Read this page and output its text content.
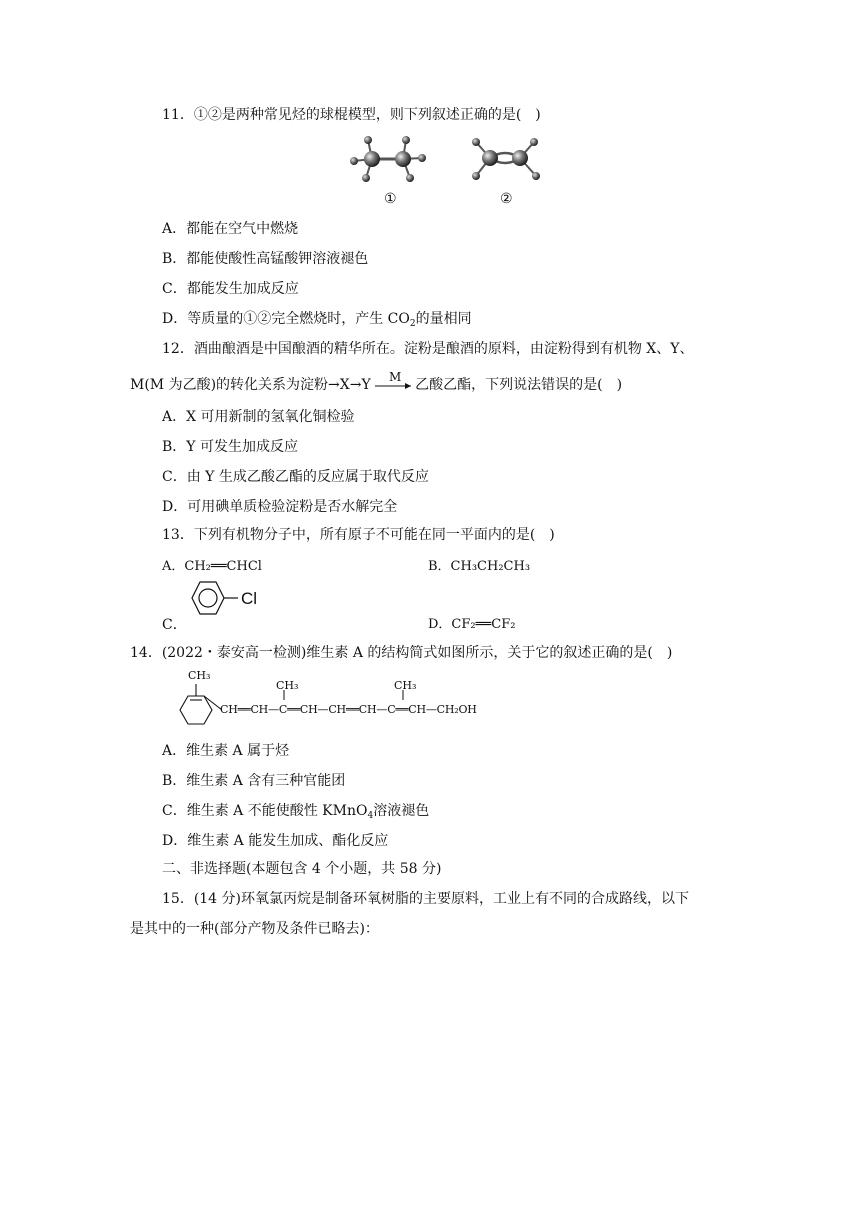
11．①②是两种常见烃的球棍模型，则下列叙述正确的是(　)
①	②
A．都能在空气中燃烧
B．都能使酸性高锰酸钾溶液褪色
C．都能发生加成反应
D．等质量的①②完全燃烧时，产生 $CO_2$的量相同
12．酒曲酿酒是中国酿酒的精华所在。淀粉是酿酒的原料，由淀粉得到有机物 X、Y、
M(M 为乙酸)的转化关系为淀粉→X→Y	M 乙酸乙酯，下列说法错误的是(　)
A．X 可用新制的氢氧化铜检验
B．Y 可发生加成反应
C．由 Y 生成乙酸乙酯的反应属于取代反应
D．可用碘单质检验淀粉是否水解完全
13．下列有机物分子中，所有原子不可能在同一平面内的是(　)
A．CH₂══CHCl	B．CH₃CH₂CH₃
C．
Cl
D．CF₂══CF₂
14．(2022・泰安高一检测)维生素 A 的结构简式如图所示，关于它的叙述正确的是(　)
CH₃
CH₃	CH₃
CH══CH—C══CH—CH══CH—C══CH—CH₂OH
A．维生素 A 属于烃
B．维生素 A 含有三种官能团
C．维生素 A 不能使酸性 KMnO$_4$溶液褪色
D．维生素 A 能发生加成、酯化反应
二、非选择题(本题包含 4 个小题，共 58 分)
15．(14 分)环氧氯丙烷是制备环氧树脂的主要原料，工业上有不同的合成路线，以下
是其中的一种(部分产物及条件已略去)：
